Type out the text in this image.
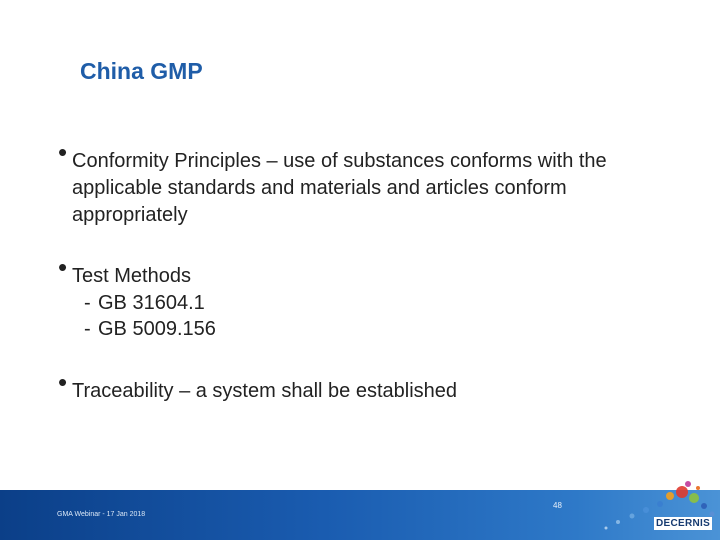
China GMP
• Conformity Principles – use of substances conforms with the applicable standards and materials and articles conform appropriately
• Test Methods
- GB 31604.1
- GB 5009.156
• Traceability – a system shall be established
GMA Webinar - 17 Jan 2018
48
DECERNIS
